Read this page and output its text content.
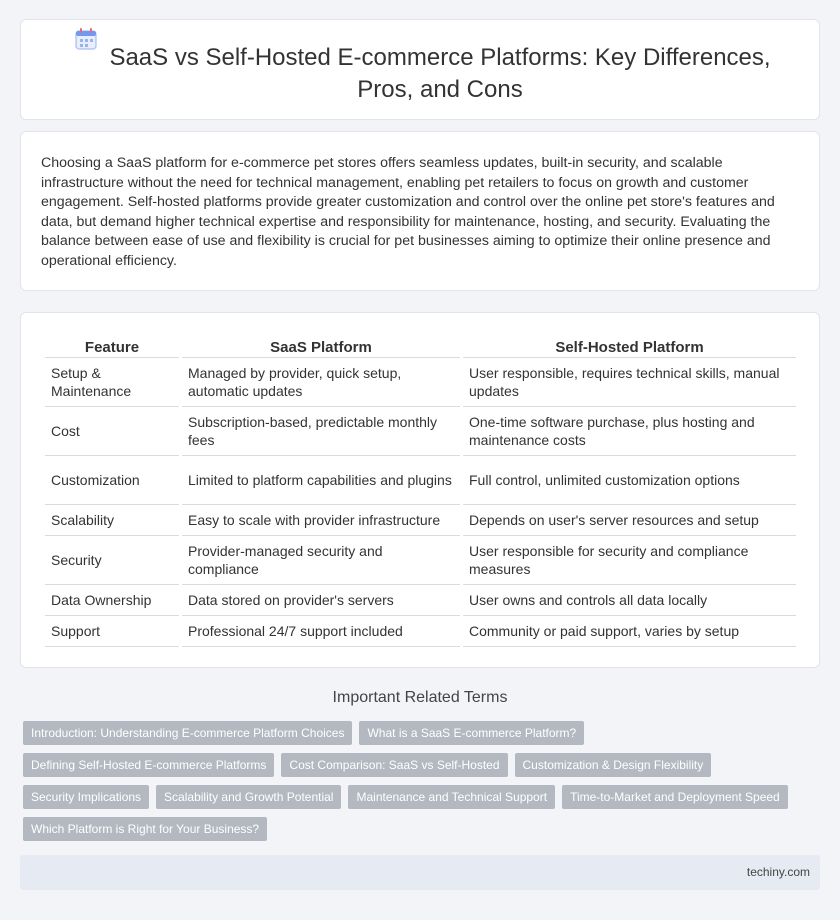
SaaS vs Self-Hosted E-commerce Platforms: Key Differences, Pros, and Cons

Choosing a SaaS platform for e-commerce pet stores offers seamless updates, built-in security, and scalable infrastructure without the need for technical management, enabling pet retailers to focus on growth and customer engagement. Self-hosted platforms provide greater customization and control over the online pet store's features and data, but demand higher technical expertise and responsibility for maintenance, hosting, and security. Evaluating the balance between ease of use and flexibility is crucial for pet businesses aiming to optimize their online presence and operational efficiency.

Feature	SaaS Platform	Self-Hosted Platform
Setup & Maintenance	Managed by provider, quick setup, automatic updates	User responsible, requires technical skills, manual updates
Cost	Subscription-based, predictable monthly fees	One-time software purchase, plus hosting and maintenance costs
Customization	Limited to platform capabilities and plugins	Full control, unlimited customization options
Scalability	Easy to scale with provider infrastructure	Depends on user's server resources and setup
Security	Provider-managed security and compliance	User responsible for security and compliance measures
Data Ownership	Data stored on provider's servers	User owns and controls all data locally
Support	Professional 24/7 support included	Community or paid support, varies by setup
Important Related Terms
Introduction: Understanding E-commerce Platform Choices	What is a SaaS E-commerce Platform?
Defining Self-Hosted E-commerce Platforms	Cost Comparison: SaaS vs Self-Hosted	Customization & Design Flexibility
Security Implications	Scalability and Growth Potential	Maintenance and Technical Support	Time-to-Market and Deployment Speed
Which Platform is Right for Your Business?
techiny.com
